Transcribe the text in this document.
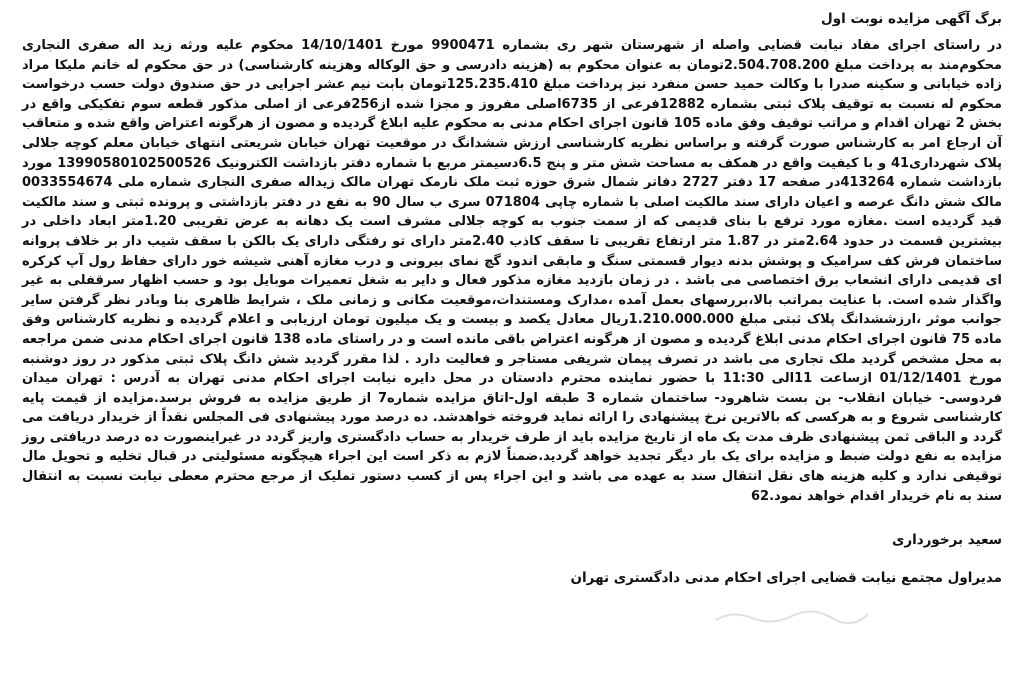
برگ آگهی مزایده نوبت اول

در راستای اجرای مفاد نیابت قضایی واصله از شهرستان شهر ری بشماره 9900471 مورخ 14/10/1401 محکوم علیه ورثه زید اله صفری النجاری محکوم‌مند به پرداخت مبلغ 2.504.708.200تومان به عنوان محکوم به (هزینه دادرسی و حق الوکاله وهزینه کارشناسی) در حق محکوم له خانم ملیکا مراد زاده خیابانی و سکینه صدرا با وکالت حمید حسن منفرد نیز پرداخت مبلغ 125.235.410تومان بابت نیم عشر اجرایی در حق صندوق دولت حسب درخواست محکوم له نسبت به توقیف پلاک ثبتی بشماره 12882فرعی از 6735اصلی مفروز و مجزا شده از256فرعی از اصلی مذکور قطعه سوم تفکیکی واقع در بخش 2 تهران اقدام و مراتب توقیف وفق ماده 105 قانون اجرای احکام مدنی به محکوم علیه ابلاغ گردیده و مصون از هرگونه اعتراض واقع شده و متعاقب آن ارجاع امر به کارشناس صورت گرفته و براساس نظریه کارشناسی ارزش ششدانگ در موقعیت تهران خیابان شریعتی انتهای خیابان معلم کوچه جلالی پلاک شهرداری41 و با کیفیت واقع در همکف به مساحت شش متر و پنج 6.5دسیمتر مربع با شماره دفتر بازداشت الکترونیک 13990580102500526 مورد بازداشت شماره 413264در صفحه 17 دفتر 2727 دفاتر شمال شرق حوزه ثبت ملک نارمک تهران مالک زیداله صفری النجاری شماره ملی 0033554674 مالک شش دانگ عرصه و اعیان دارای سند مالکیت اصلی با شماره چاپی 071804 سری ب سال 90 به نفع در دفتر بازداشتی و پرونده ثبتی و سند مالکیت قید گردیده است .مغازه مورد ترفع با بنای قدیمی که از سمت جنوب به کوچه جلالی مشرف است یک دهانه به عرض تقریبی 1.20متر ابعاد داخلی در بیشترین قسمت در حدود 2.64متر در 1.87 متر ارتفاع تقریبی تا سقف کاذب 2.40متر دارای تو رفتگی دارای یک بالکن با سقف شیب دار بر خلاف پروانه ساختمان فرش کف سرامیک و پوشش بدنه دیوار قسمتی سنگ و مابقی اندود گچ نمای بیرونی و درب مغازه آهنی شیشه خور دارای حفاظ رول آپ کرکره ای قدیمی دارای انشعاب برق اختصاصی می باشد . در زمان بازدید مغازه مذکور فعال و دایر به شغل تعمیرات موبایل بود و حسب اظهار سرقفلی به غیر واگذار شده است. با عنایت بمراتب بالا،بررسهای بعمل آمده ،مدارک ومستندات،موقعیت مکانی و زمانی ملک ، شرایط ظاهری بنا وبادر نظر گرفتن سایر جوانب موثر ،ارزششدانگ پلاک ثبتی مبلغ 1.210.000.000ریال معادل یکصد و بیست و یک میلیون تومان ارزیابی و اعلام گردیده و نظریه کارشناس وفق ماده 75 قانون اجرای احکام مدنی ابلاغ گردیده و مصون از هرگونه اعتراض باقی مانده است و در راستای ماده 138 قانون اجرای احکام مدنی ضمن مراجعه به محل مشخص گردید ملک تجاری می باشد در تصرف پیمان شریفی مستاجر و فعالیت دارد . لذا مقرر گردید شش دانگ پلاک ثبتی مذکور در روز دوشنبه مورخ 01/12/1401 ازساعت 11الی 11:30 با حضور نماینده محترم دادستان در محل دایره نیابت اجرای احکام مدنی تهران به آدرس : تهران میدان فردوسی- خیابان انقلاب- بن بست شاهرود- ساختمان شماره 3 طبقه اول-اتاق مزایده شماره7 از طریق مزایده به فروش برسد.مزایده از قیمت پایه کارشناسی شروع و به هرکسی که بالاترین نرخ پیشنهادی را ارائه نماید فروخته خواهدشد. ده درصد مورد پیشنهادی فی المجلس نقداً از خریدار دریافت می گردد و الباقی ثمن پیشنهادی ظرف مدت یک ماه از تاریخ مزایده باید از طرف خریدار به حساب دادگستری واریز گردد در غیراینصورت ده درصد دریافتی روز مزایده به نفع دولت ضبط و مزایده برای یک بار دیگر تجدید خواهد گردید.ضمناً لازم به ذکر است این اجراء هیچگونه مسئولیتی در قبال تخلیه و تحویل مال توقیفی ندارد و کلیه هزینه های نقل انتقال سند به عهده می باشد و این اجراء پس از کسب دستور تملیک از مرجع محترم معطی نیابت نسبت به انتقال سند به نام خریدار اقدام خواهد نمود.62

سعید برخورداری
مدیراول مجتمع نیابت قضایی اجرای احکام مدنی دادگستری تهران
